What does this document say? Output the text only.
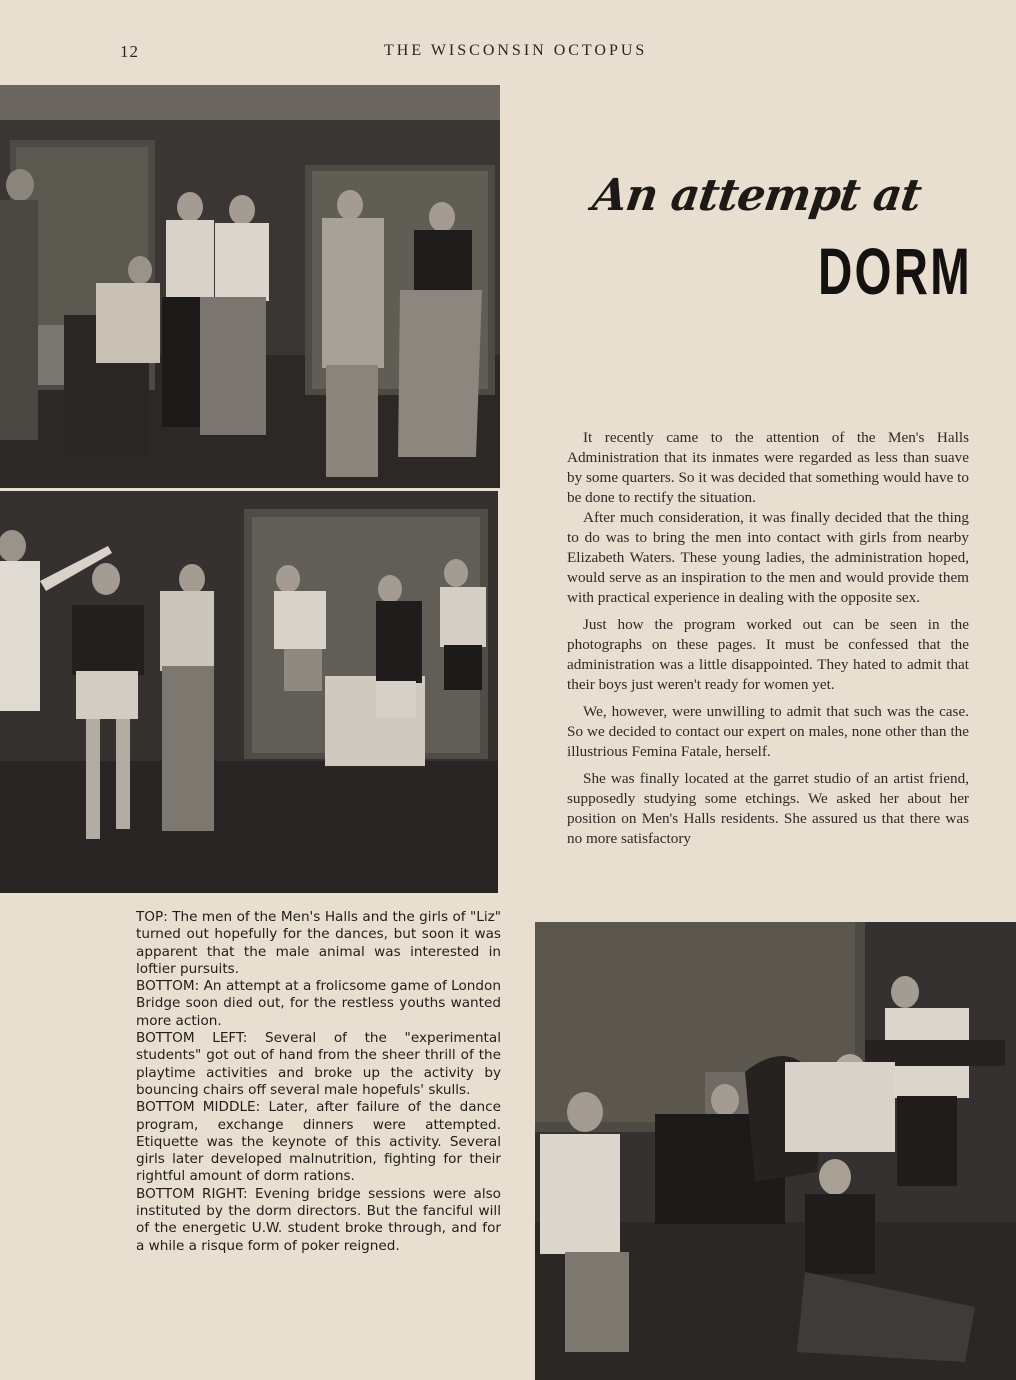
12	THE WISCONSIN OCTOPUS
An attempt at
DORM

It recently came to the attention of the Men's Halls Administration that its inmates were regarded as less than suave by some quarters. So it was decided that something would have to be done to rectify the situation.

After much consideration, it was finally decided that the thing to do was to bring the men into contact with girls from nearby Elizabeth Waters. These young ladies, the administration hoped, would serve as an inspiration to the men and would provide them with practical experience in dealing with the opposite sex.

Just how the program worked out can be seen in the photographs on these pages. It must be confessed that the administration was a little disappointed. They hated to admit that their boys just weren't ready for women yet.

We, however, were unwilling to admit that such was the case. So we decided to contact our expert on males, none other than the illustrious Femina Fatale, herself.

She was finally located at the garret studio of an artist friend, supposedly studying some etchings. We asked her about her position on Men's Halls residents. She assured us that there was no more satisfactory

TOP: The men of the Men's Halls and the girls of "Liz" turned out hopefully for the dances, but soon it was apparent that the male animal was interested in loftier pursuits.

BOTTOM: An attempt at a frolicsome game of London Bridge soon died out, for the restless youths wanted more action.

BOTTOM LEFT: Several of the "experimental students" got out of hand from the sheer thrill of the playtime activities and broke up the activity by bouncing chairs off several male hopefuls' skulls.

BOTTOM MIDDLE: Later, after failure of the dance program, exchange dinners were attempted. Etiquette was the keynote of this activity. Several girls later developed malnutrition, fighting for their rightful amount of dorm rations.

BOTTOM RIGHT: Evening bridge sessions were also instituted by the dorm directors. But the fanciful will of the energetic U.W. student broke through, and for a while a risque form of poker reigned.
